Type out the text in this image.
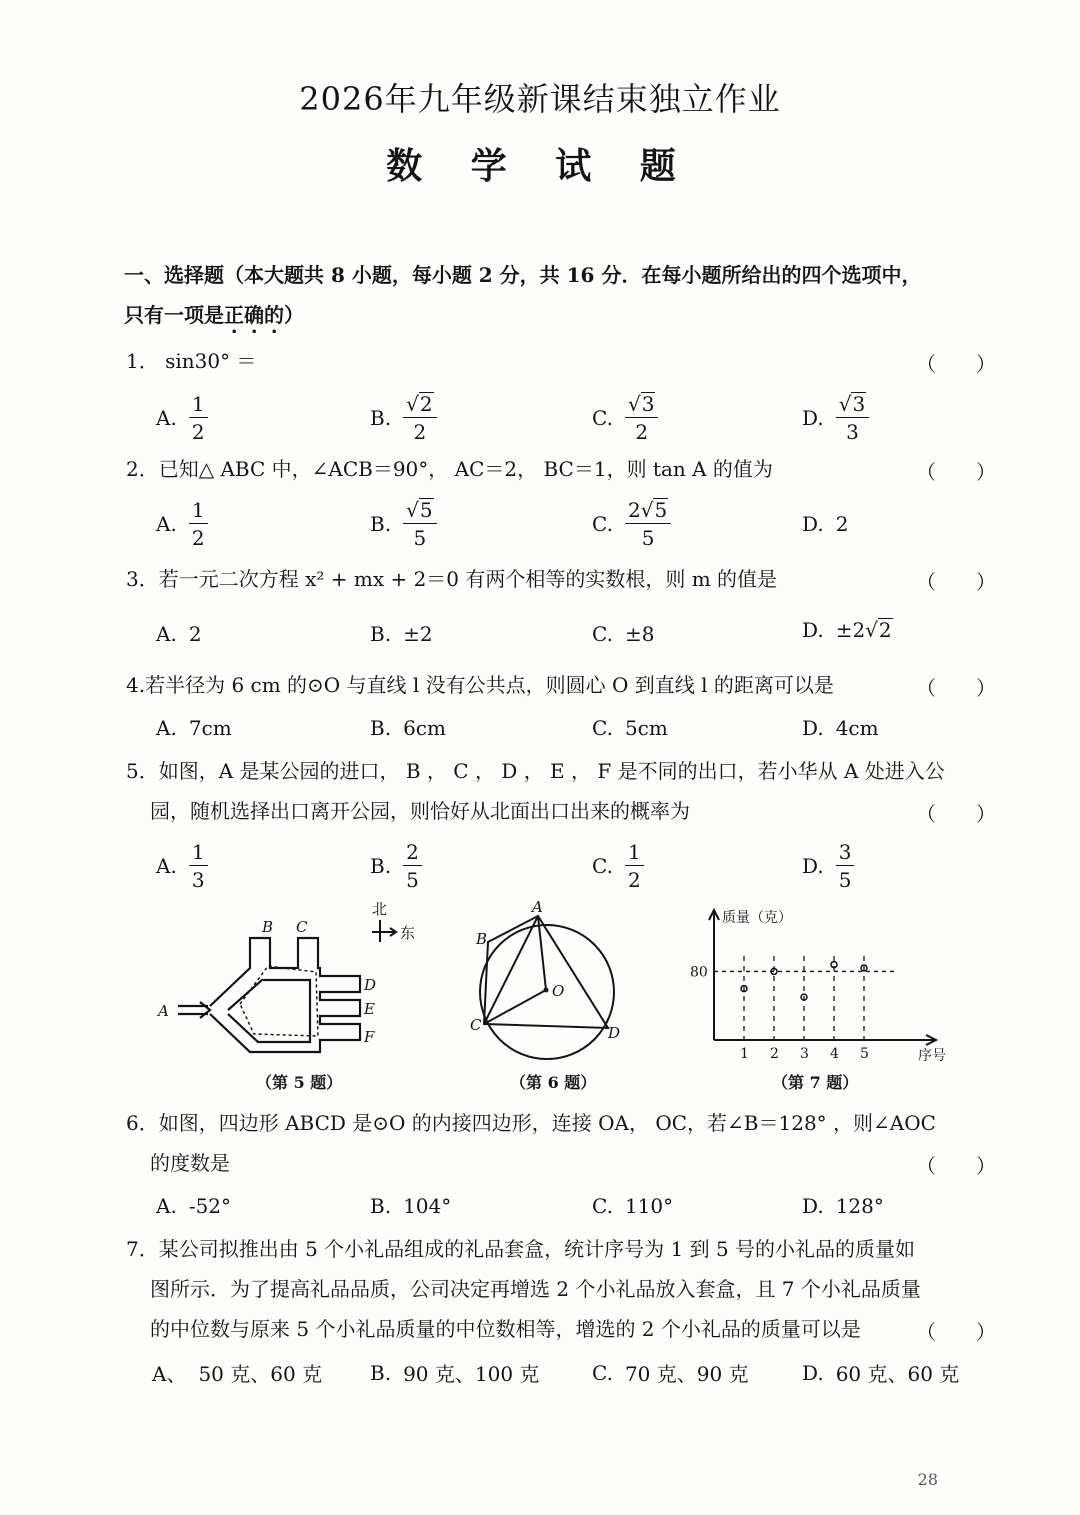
2026年九年级新课结束独立作业
数 学 试 题
一、选择题（本大题共 8 小题，每小题 2 分，共 16 分．在每小题所给出的四个选项中，
只有一项是正确的）
1． sin30° ＝	（　　）
A. $\frac{1}{2}$	B. $\frac{√ 2}{2}$	C. $\frac{√ 3}{2}$	D. $\frac{√ 3}{3}$
2．已知△ ABC 中，∠ACB＝90°， AC＝2， BC＝1，则 tan A 的值为	（　　）
A. $\frac{1}{2}$	B. $\frac{√ 5}{5}$	C. $\frac{2 √ 5}{5}$	D. 2
3．若一元二次方程 x² + mx + 2＝0 有两个相等的实数根，则 m 的值是	（　　）
A. 2	B. ±2	C. ±8	D. ±2 √ 2
4.若半径为 6 cm 的⊙O 与直线 l 没有公共点，则圆心 O 到直线 l 的距离可以是	（　　）
A. 7cm	B. 6cm	C. 5cm	D. 4cm
5．如图，A 是某公园的进口， B ， C ， D ， E ， F 是不同的出口，若小华从 A 处进入公
园，随机选择出口离开公园，则恰好从北面出口出来的概率为	（　　）
A. $\frac{1}{3}$	B. $\frac{2}{5}$	C. $\frac{1}{2}$	D. $\frac{3}{5}$
A
B C
D
E
F
北
东
（第 5 题）
A
B
C	D
O
（第 6 题）
质量（克）
序号
80
1 2 3 4 5
（第 7 题）
6．如图，四边形 ABCD 是⊙O 的内接四边形，连接 OA， OC，若∠B＝128° ，则∠AOC
的度数是	（　　）
A. -52°	B. 104°	C. 110°	D. 128°
7．某公司拟推出由 5 个小礼品组成的礼品套盒，统计序号为 1 到 5 号的小礼品的质量如
图所示．为了提高礼品品质，公司决定再增选 2 个小礼品放入套盒，且 7 个小礼品质量
的中位数与原来 5 个小礼品质量的中位数相等，增选的 2 个小礼品的质量可以是	（　　）
A、 50 克、60 克 B. 90 克、100 克	C. 70 克、90 克	D. 60 克、60 克
28
